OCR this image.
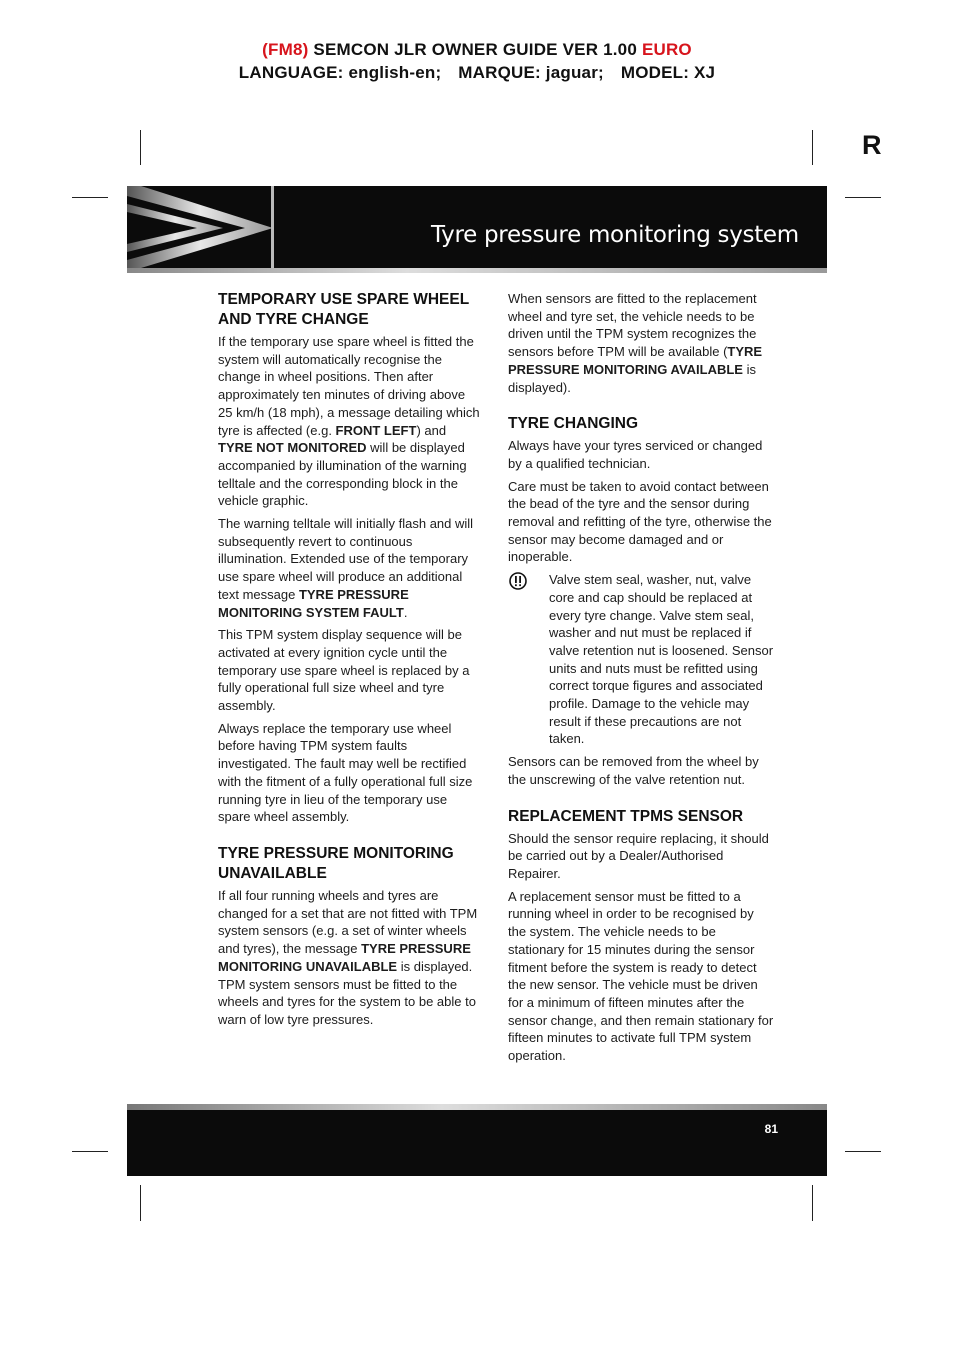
(FM8) SEMCON JLR OWNER GUIDE VER 1.00 EURO
LANGUAGE: english-en; MARQUE: jaguar; MODEL: XJ
R
Tyre pressure monitoring system
TEMPORARY USE SPARE WHEEL AND TYRE CHANGE

If the temporary use spare wheel is fitted the system will automatically recognise the change in wheel positions. Then after approximately ten minutes of driving above 25 km/h (18 mph), a message detailing which tyre is affected (e.g. FRONT LEFT) and TYRE NOT MONITORED will be displayed accompanied by illumination of the warning telltale and the corresponding block in the vehicle graphic.

The warning telltale will initially flash and will subsequently revert to continuous illumination. Extended use of the temporary use spare wheel will produce an additional text message TYRE PRESSURE MONITORING SYSTEM FAULT.

This TPM system display sequence will be activated at every ignition cycle until the temporary use spare wheel is replaced by a fully operational full size wheel and tyre assembly.

Always replace the temporary use wheel before having TPM system faults investigated. The fault may well be rectified with the fitment of a fully operational full size running tyre in lieu of the temporary use spare wheel assembly.

TYRE PRESSURE MONITORING UNAVAILABLE

If all four running wheels and tyres are changed for a set that are not fitted with TPM system sensors (e.g. a set of winter wheels and tyres), the message TYRE PRESSURE MONITORING UNAVAILABLE is displayed. TPM system sensors must be fitted to the wheels and tyres for the system to be able to warn of low tyre pressures.

When sensors are fitted to the replacement wheel and tyre set, the vehicle needs to be driven until the TPM system recognizes the sensors before TPM will be available (TYRE PRESSURE MONITORING AVAILABLE is displayed).

TYRE CHANGING

Always have your tyres serviced or changed by a qualified technician.

Care must be taken to avoid contact between the bead of the tyre and the sensor during removal and refitting of the tyre, otherwise the sensor may become damaged and or inoperable.

Valve stem seal, washer, nut, valve core and cap should be replaced at every tyre change. Valve stem seal, washer and nut must be replaced if valve retention nut is loosened. Sensor units and nuts must be refitted using correct torque figures and associated profile. Damage to the vehicle may result if these precautions are not taken.

Sensors can be removed from the wheel by the unscrewing of the valve retention nut.

REPLACEMENT TPMS SENSOR

Should the sensor require replacing, it should be carried out by a Dealer/Authorised Repairer.

A replacement sensor must be fitted to a running wheel in order to be recognised by the system. The vehicle needs to be stationary for 15 minutes during the sensor fitment before the system is ready to detect the new sensor. The vehicle must be driven for a minimum of fifteen minutes after the sensor change, and then remain stationary for fifteen minutes to activate full TPM system operation.

81
